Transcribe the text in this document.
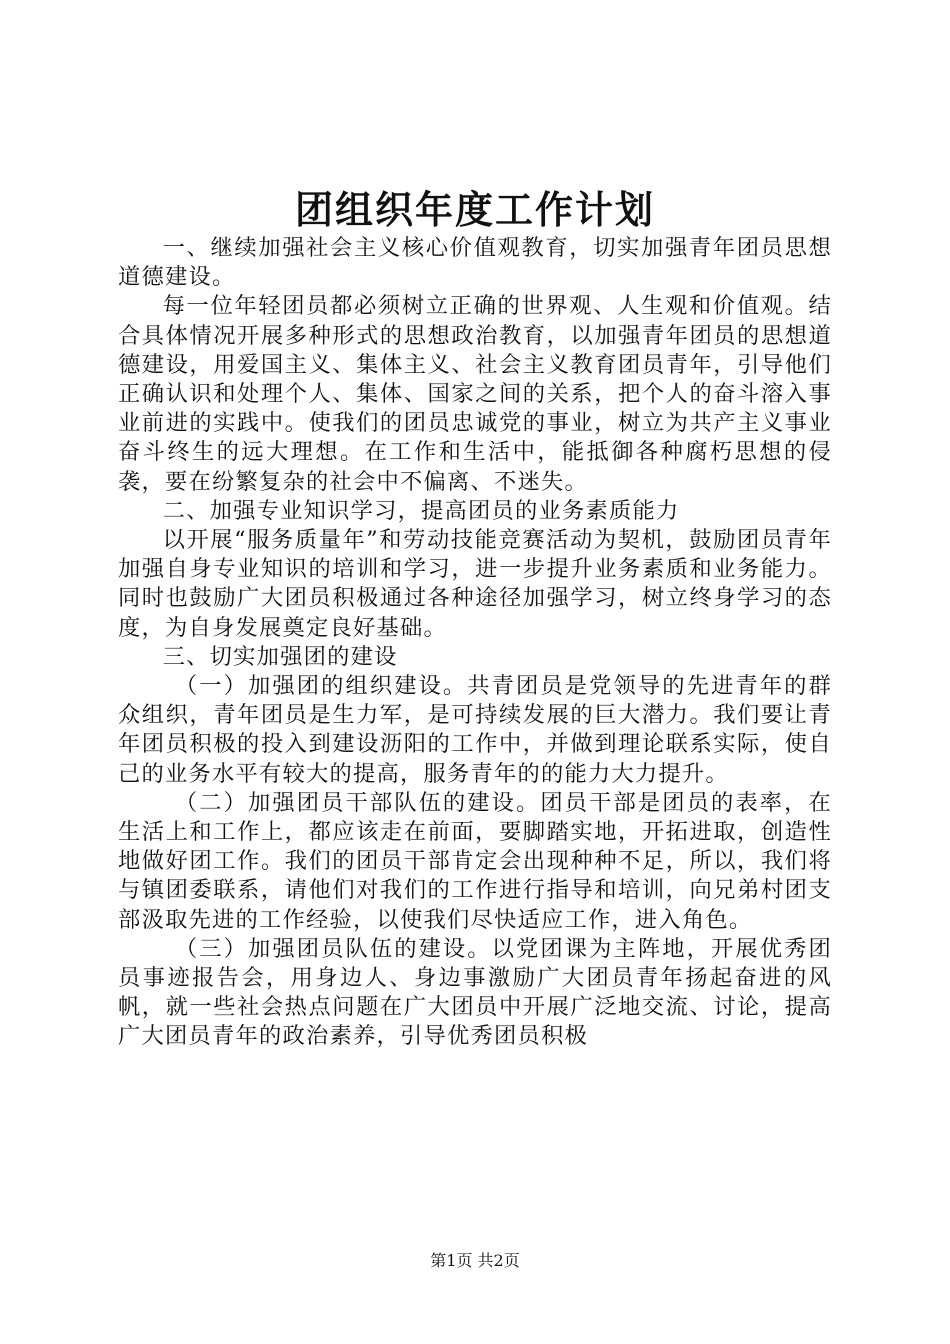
团组织年度工作计划

一、继续加强社会主义核心价值观教育，切实加强青年团员思想道德建设。

每一位年轻团员都必须树立正确的世界观、人生观和价值观。结合具体情况开展多种形式的思想政治教育，以加强青年团员的思想道德建设，用爱国主义、集体主义、社会主义教育团员青年，引导他们正确认识和处理个人、集体、国家之间的关系，把个人的奋斗溶入事业前进的实践中。使我们的团员忠诚党的事业，树立为共产主义事业奋斗终生的远大理想。在工作和生活中，能抵御各种腐朽思想的侵袭，要在纷繁复杂的社会中不偏离、不迷失。

二、加强专业知识学习，提高团员的业务素质能力

以开展“服务质量年”和劳动技能竞赛活动为契机，鼓励团员青年加强自身专业知识的培训和学习，进一步提升业务素质和业务能力。同时也鼓励广大团员积极通过各种途径加强学习，树立终身学习的态度，为自身发展奠定良好基础。

三、切实加强团的建设

（一）加强团的组织建设。共青团员是党领导的先进青年的群众组织，青年团员是生力军，是可持续发展的巨大潜力。我们要让青年团员积极的投入到建设沥阳的工作中，并做到理论联系实际，使自己的业务水平有较大的提高，服务青年的的能力大力提升。

（二）加强团员干部队伍的建设。团员干部是团员的表率，在生活上和工作上，都应该走在前面，要脚踏实地，开拓进取，创造性地做好团工作。我们的团员干部肯定会出现种种不足，所以，我们将与镇团委联系，请他们对我们的工作进行指导和培训，向兄弟村团支部汲取先进的工作经验，以使我们尽快适应工作，进入角色。

（三）加强团员队伍的建设。以党团课为主阵地，开展优秀团员事迹报告会，用身边人、身边事激励广大团员青年扬起奋进的风帆，就一些社会热点问题在广大团员中开展广泛地交流、讨论，提高广大团员青年的政治素养，引导优秀团员积极

第1页 共2页
